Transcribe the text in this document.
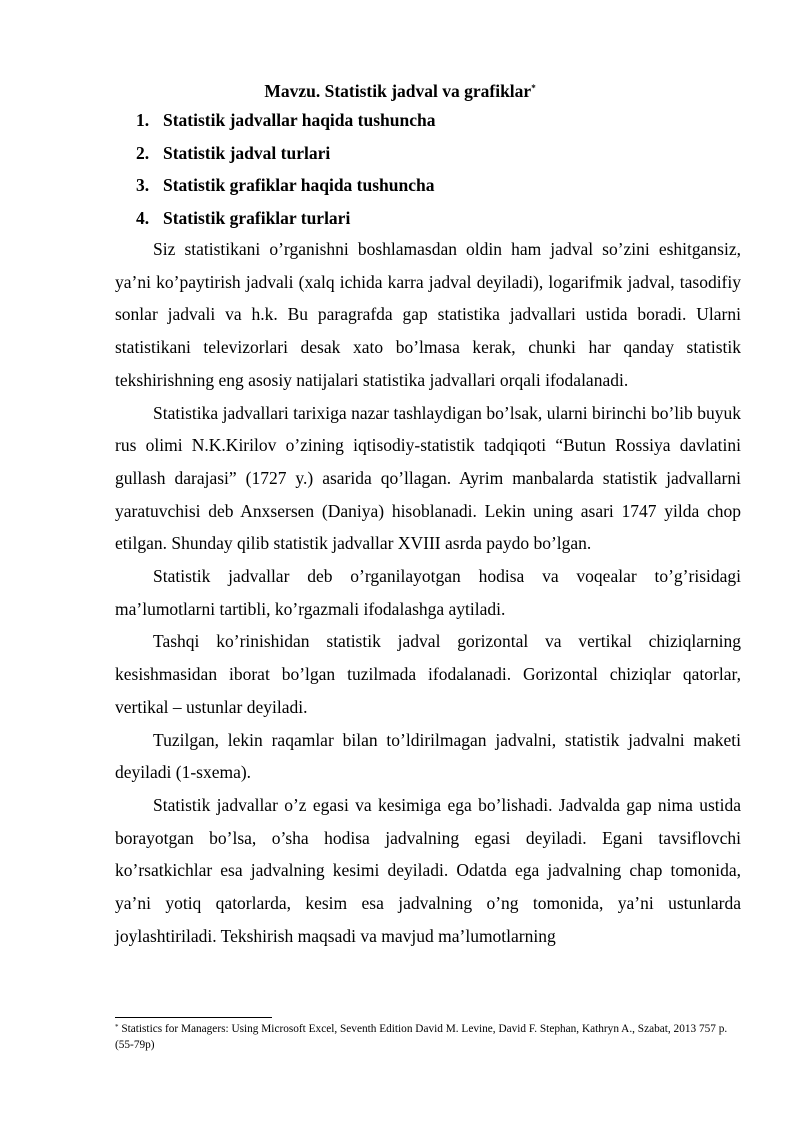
Mavzu. Statistik jadval va grafiklar*
1. Statistik jadvallar haqida tushuncha
2. Statistik jadval turlari
3. Statistik grafiklar haqida tushuncha
4. Statistik grafiklar turlari

Siz statistikani o’rganishni boshlamasdan oldin ham jadval so’zini eshitgansiz, ya’ni ko’paytirish jadvali (xalq ichida karra jadval deyiladi), logarifmik jadval, tasodifiy sonlar jadvali va h.k. Bu paragrafda gap statistika jadvallari ustida boradi. Ularni statistikani televizorlari desak xato bo’lmasa kerak, chunki har qanday statistik tekshirishning eng asosiy natijalari statistika jadvallari orqali ifodalanadi.

Statistika jadvallari tarixiga nazar tashlaydigan bo’lsak, ularni birinchi bo’lib buyuk rus olimi N.K.Kirilov o’zining iqtisodiy-statistik tadqiqoti “Butun Rossiya davlatini gullash darajasi” (1727 y.) asarida qo’llagan. Ayrim manbalarda statistik jadvallarni yaratuvchisi deb Anxsersen (Daniya) hisoblanadi. Lekin uning asari 1747 yilda chop etilgan. Shunday qilib statistik jadvallar XVIII asrda paydo bo’lgan.

Statistik jadvallar deb o’rganilayotgan hodisa va voqealar to’g’risidagi ma’lumotlarni tartibli, ko’rgazmali ifodalashga aytiladi.

Tashqi ko’rinishidan statistik jadval gorizontal va vertikal chiziqlarning kesishmasidan iborat bo’lgan tuzilmada ifodalanadi. Gorizontal chiziqlar qatorlar, vertikal – ustunlar deyiladi.

Tuzilgan, lekin raqamlar bilan to’ldirilmagan jadvalni, statistik jadvalni maketi deyiladi (1-sxema).

Statistik jadvallar o’z egasi va kesimiga ega bo’lishadi. Jadvalda gap nima ustida borayotgan bo’lsa, o’sha hodisa jadvalning egasi deyiladi. Egani tavsiflovchi ko’rsatkichlar esa jadvalning kesimi deyiladi. Odatda ega jadvalning chap tomonida, ya’ni yotiq qatorlarda, kesim esa jadvalning o’ng tomonida, ya’ni ustunlarda joylashtiriladi. Tekshirish maqsadi va mavjud ma’lumotlarning

* Statistics for Managers: Using Microsoft Excel, Seventh Edition David M. Levine, David F. Stephan, Kathryn A., Szabat, 2013 757 p. (55-79p)
